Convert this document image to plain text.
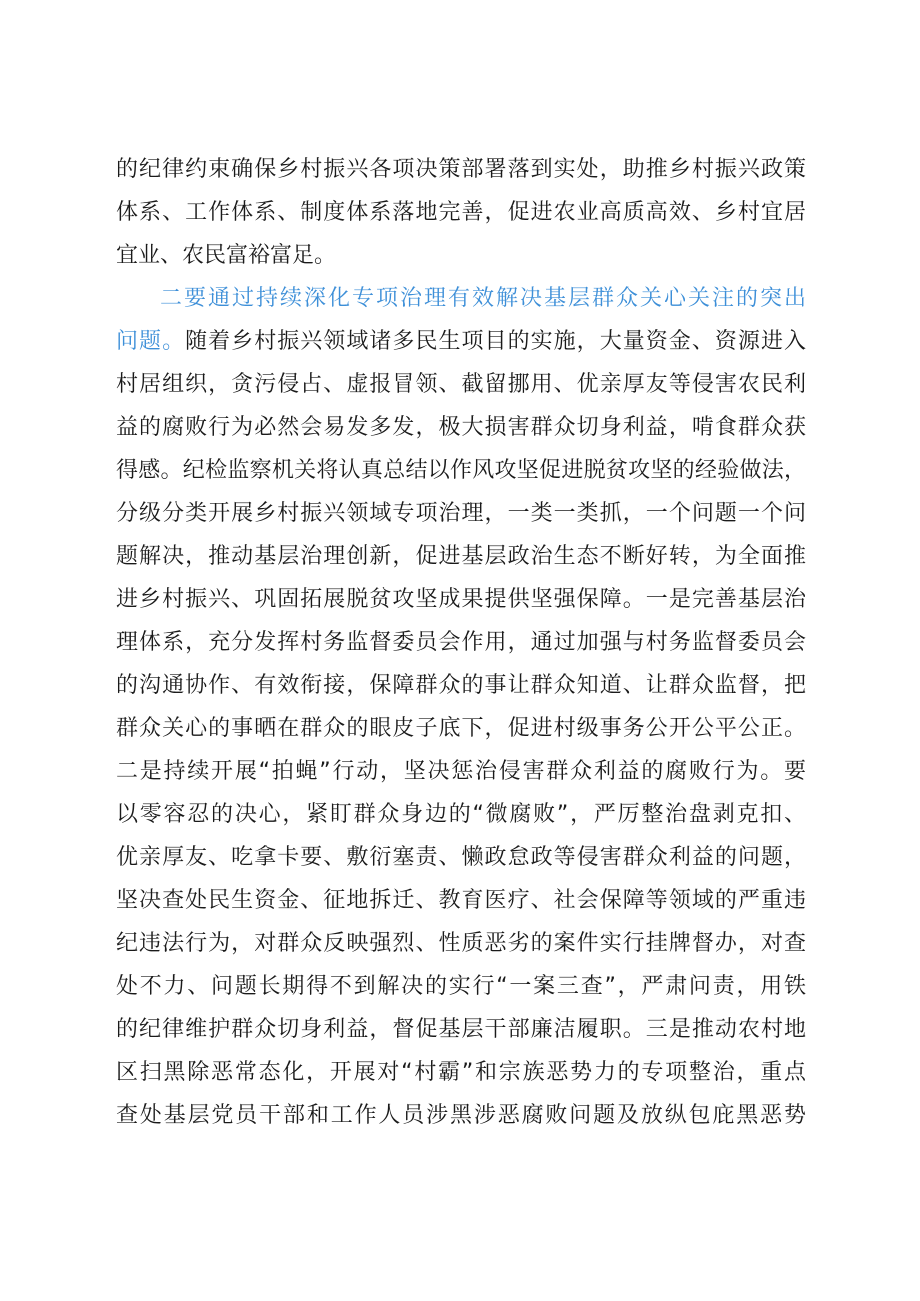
的纪律约束确保乡村振兴各项决策部署落到实处，助推乡村振兴政策
体系、工作体系、制度体系落地完善，促进农业高质高效、乡村宜居
宜业、农民富裕富足。
二要通过持续深化专项治理有效解决基层群众关心关注的突出
问题。随着乡村振兴领域诸多民生项目的实施，大量资金、资源进入
村居组织，贪污侵占、虚报冒领、截留挪用、优亲厚友等侵害农民利
益的腐败行为必然会易发多发，极大损害群众切身利益，啃食群众获
得感。纪检监察机关将认真总结以作风攻坚促进脱贫攻坚的经验做法，
分级分类开展乡村振兴领域专项治理，一类一类抓，一个问题一个问
题解决，推动基层治理创新，促进基层政治生态不断好转，为全面推
进乡村振兴、巩固拓展脱贫攻坚成果提供坚强保障。一是完善基层治
理体系，充分发挥村务监督委员会作用，通过加强与村务监督委员会
的沟通协作、有效衔接，保障群众的事让群众知道、让群众监督，把
群众关心的事晒在群众的眼皮子底下，促进村级事务公开公平公正。
二是持续开展“拍蝇”行动，坚决惩治侵害群众利益的腐败行为。要
以零容忍的决心，紧盯群众身边的“微腐败”，严厉整治盘剥克扣、
优亲厚友、吃拿卡要、敷衍塞责、懒政怠政等侵害群众利益的问题，
坚决查处民生资金、征地拆迁、教育医疗、社会保障等领域的严重违
纪违法行为，对群众反映强烈、性质恶劣的案件实行挂牌督办，对查
处不力、问题长期得不到解决的实行“一案三查”，严肃问责，用铁
的纪律维护群众切身利益，督促基层干部廉洁履职。三是推动农村地
区扫黑除恶常态化，开展对“村霸”和宗族恶势力的专项整治，重点
查处基层党员干部和工作人员涉黑涉恶腐败问题及放纵包庇黑恶势
